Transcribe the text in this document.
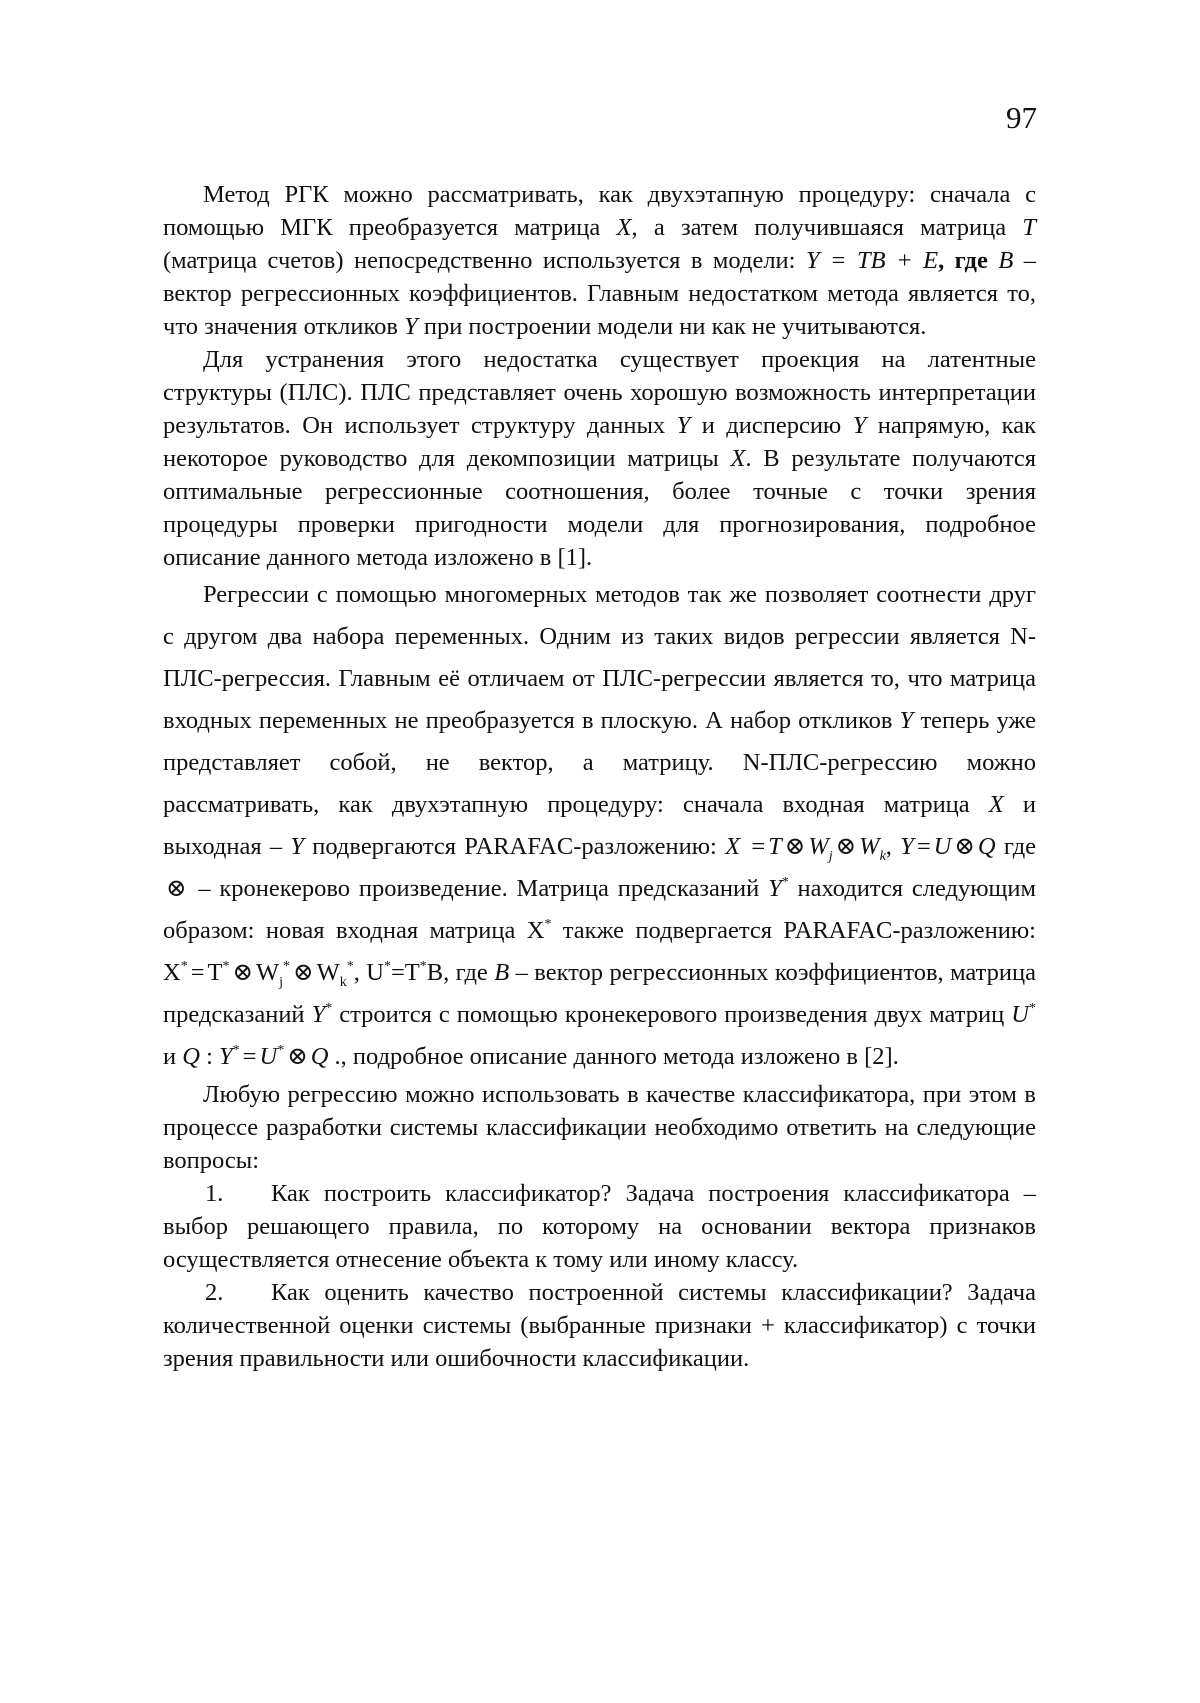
97

Метод РГК можно рассматривать, как двухэтапную процедуру: сначала с помощью МГК преобразуется матрица X, а затем получившаяся матрица T (матрица счетов) непосредственно используется в модели: Y = TB + E, где B – вектор регрессионных коэффициентов. Главным недостатком метода является то, что значения откликов Y при построении модели ни как не учитываются.

Для устранения этого недостатка существует проекция на латентные структуры (ПЛС). ПЛС представляет очень хорошую возможность интерпретации результатов. Он использует структуру данных Y и дисперсию Y напрямую, как некоторое руководство для декомпозиции матрицы X. В результате получаются оптимальные регрессионные соотношения, более точные с точки зрения процедуры проверки пригодности модели для прогнозирования, подробное описание данного метода изложено в [1].

Регрессии с помощью многомерных методов так же позволяет соотнести друг с другом два набора переменных. Одним из таких видов регрессии является N-ПЛС-регрессия. Главным её отличаем от ПЛС-регрессии является то, что матрица входных переменных не преобразуется в плоскую. А набор откликов Y теперь уже представляет собой, не вектор, а матрицу. N-ПЛС-регрессию можно рассматривать, как двухэтапную процедуру: сначала входная матрица X и выходная – Y подвергаются PARAFAC-разложению: X = T ⊗ Wj ⊗ Wk, Y = U ⊗ Q где ⊗ – кронекерово произведение. Матрица предсказаний Y* находится следующим образом: новая входная матрица X* также подвергается PARAFAC-разложению: X* = T* ⊗ Wj* ⊗ Wk*, U*=T*B, где B – вектор регрессионных коэффициентов, матрица предсказаний Y* строится с помощью кронекерового произведения двух матриц U* и Q : Y* = U* ⊗ Q ., подробное описание данного метода изложено в [2].

Любую регрессию можно использовать в качестве классификатора, при этом в процессе разработки системы классификации необходимо ответить на следующие вопросы:

1. Как построить классификатор? Задача построения классификатора – выбор решающего правила, по которому на основании вектора признаков осуществляется отнесение объекта к тому или иному классу.

2. Как оценить качество построенной системы классификации? Задача количественной оценки системы (выбранные признаки + классификатор) с точки зрения правильности или ошибочности классификации.
